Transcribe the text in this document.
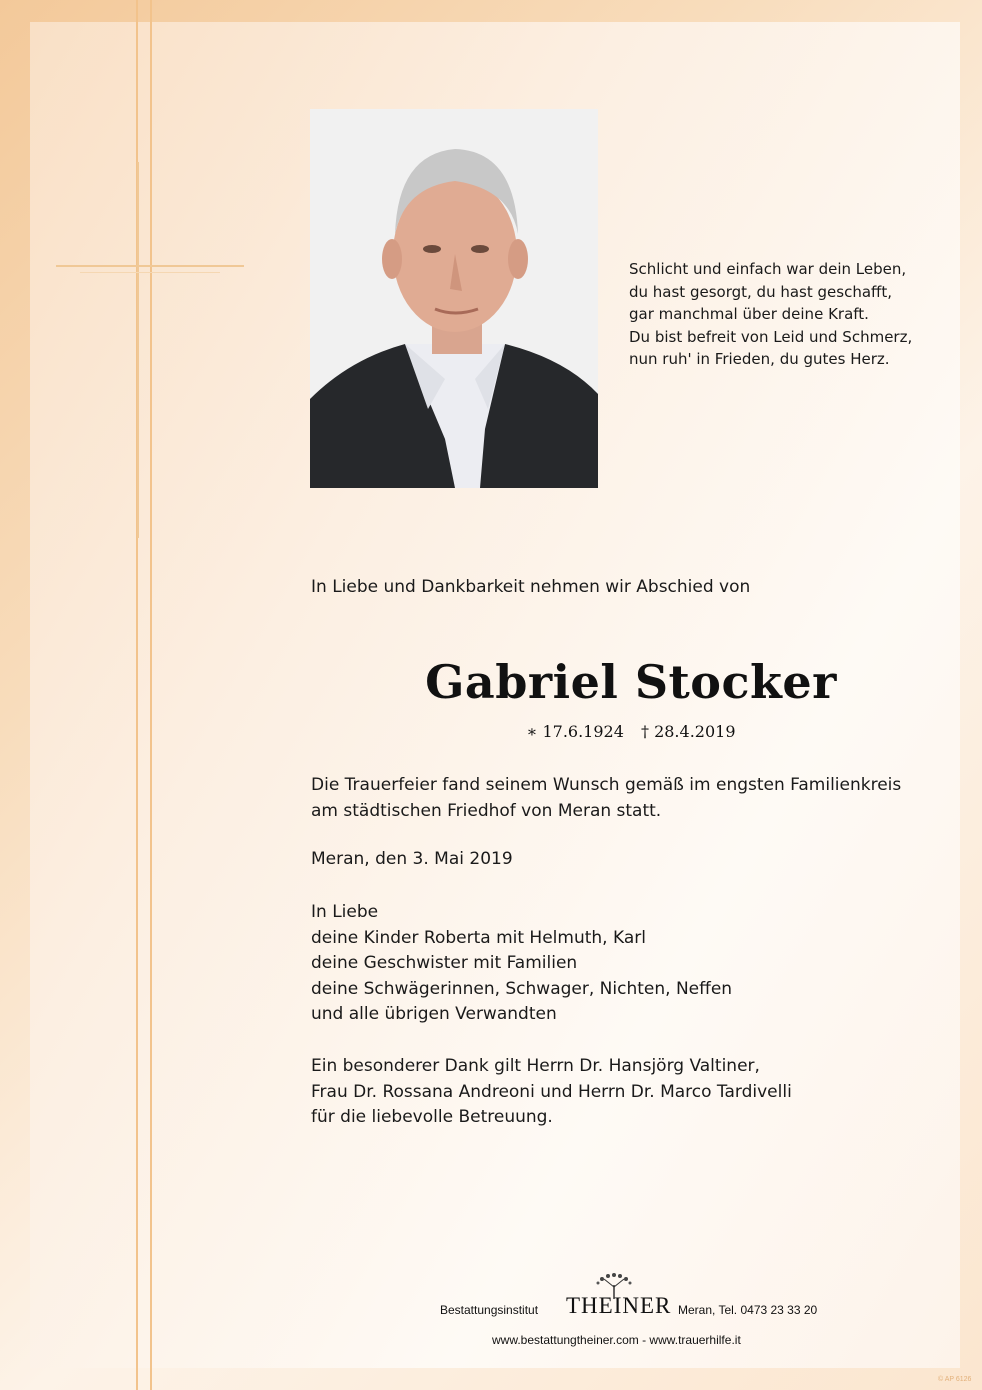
Schlicht und einfach war dein Leben,
du hast gesorgt, du hast geschafft,
gar manchmal über deine Kraft.
Du bist befreit von Leid und Schmerz,
nun ruh' in Frieden, du gutes Herz.
In Liebe und Dankbarkeit nehmen wir Abschied von
Gabriel Stocker
∗ 17.6.1924 † 28.4.2019
Die Trauerfeier fand seinem Wunsch gemäß im engsten Familienkreis
am städtischen Friedhof von Meran statt.
Meran, den 3. Mai 2019
In Liebe
deine Kinder Roberta mit Helmuth, Karl
deine Geschwister mit Familien
deine Schwägerinnen, Schwager, Nichten, Neffen
und alle übrigen Verwandten
Ein besonderer Dank gilt Herrn Dr. Hansjörg Valtiner,
Frau Dr. Rossana Andreoni und Herrn Dr. Marco Tardivelli
für die liebevolle Betreuung.
Bestattungsinstitut THEINER Meran, Tel. 0473 23 33 20
www.bestattungtheiner.com - www.trauerhilfe.it
© AP 6126
